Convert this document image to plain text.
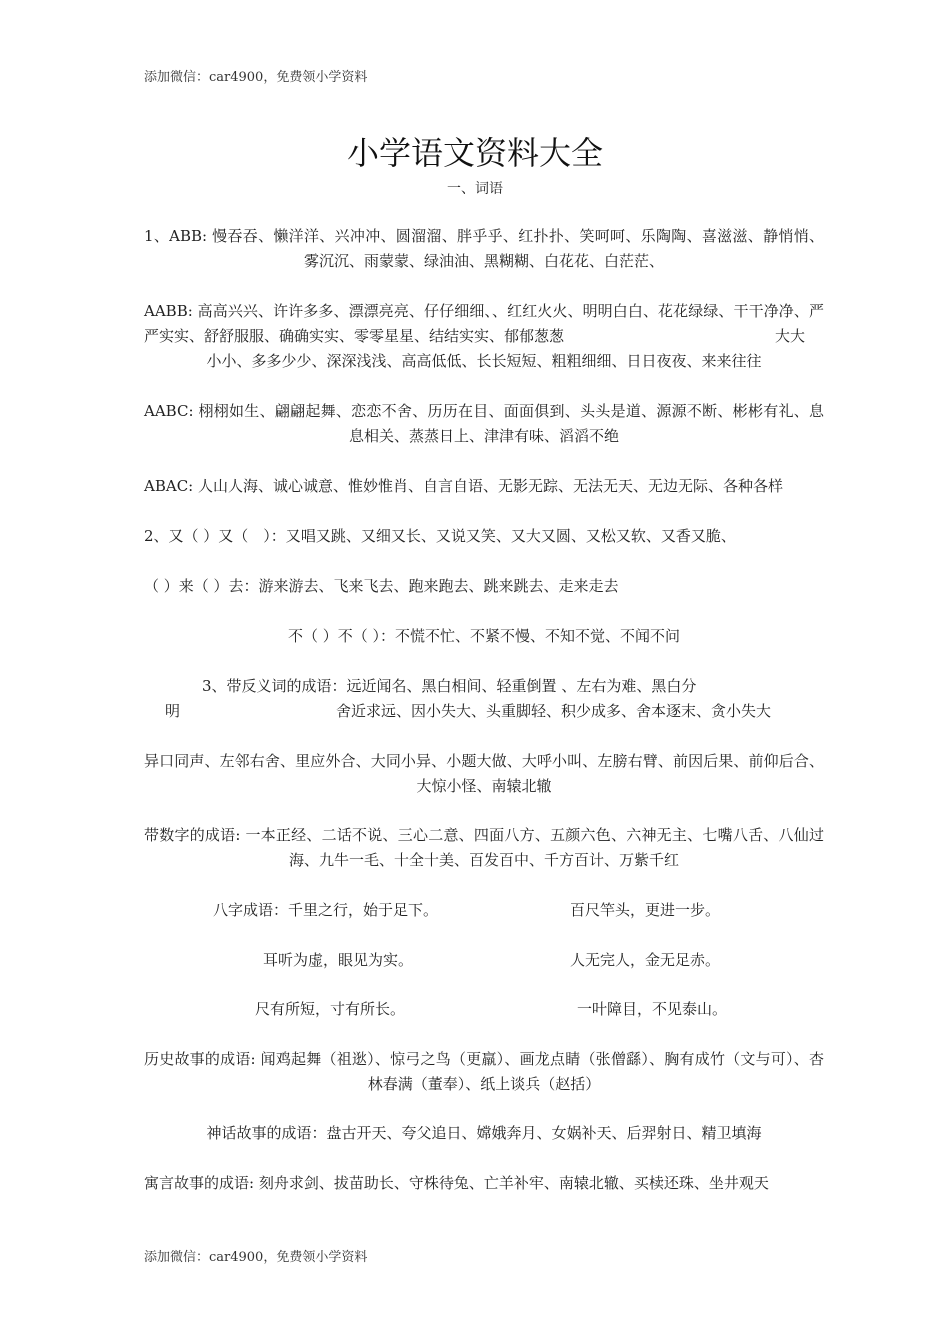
添加微信：car4900，免费领小学资料
小学语文资料大全
一、词语
1、ABB: 慢吞吞、懒洋洋、兴冲冲、圆溜溜、胖乎乎、红扑扑、笑呵呵、乐陶陶、喜滋滋、静悄悄、雾沉沉、雨蒙蒙、绿油油、黑糊糊、白花花、白茫茫、
AABB: 高高兴兴、许许多多、漂漂亮亮、仔仔细细、、红红火火、明明白白、花花绿绿、干干净净、严严实实、舒舒服服、确确实实、零零星星、结结实实、郁郁葱葱	大大
小小、多多少少、深深浅浅、高高低低、长长短短、粗粗细细、日日夜夜、来来往往
AABC: 栩栩如生、翩翩起舞、恋恋不舍、历历在目、面面俱到、头头是道、源源不断、彬彬有礼、息息相关、蒸蒸日上、津津有味、滔滔不绝
ABAC: 人山人海、诚心诚意、惟妙惟肖、自言自语、无影无踪、无法无天、无边无际、各种各样
2、又（ ）又（　）：又唱又跳、又细又长、又说又笑、又大又圆、又松又软、又香又脆、
（ ）来（ ）去：游来游去、飞来飞去、跑来跑去、跳来跳去、走来走去
不（ ）不（ ）：不慌不忙、不紧不慢、不知不觉、不闻不问
3、带反义词的成语：远近闻名、黑白相间、轻重倒置 、左右为难、黑白分
明	舍近求远、因小失大、头重脚轻、积少成多、舍本逐末、贪小失大
异口同声、左邻右舍、里应外合、大同小异、小题大做、大呼小叫、左膀右臂、前因后果、前仰后合、大惊小怪、南辕北辙
带数字的成语: 一本正经、二话不说、三心二意、四面八方、五颜六色、六神无主、七嘴八舌、八仙过海、九牛一毛、十全十美、百发百中、千方百计、万紫千红
八字成语：千里之行，始于足下。	百尺竿头，更进一步。
耳听为虚，眼见为实。	人无完人，金无足赤。
尺有所短，寸有所长。	一叶障目，不见泰山。
历史故事的成语: 闻鸡起舞（祖逖）、惊弓之鸟（更羸）、画龙点睛（张僧繇）、胸有成竹（文与可）、杏林春满（董奉）、纸上谈兵（赵括）
神话故事的成语：盘古开天、夸父追日、嫦娥奔月、女娲补天、后羿射日、精卫填海
寓言故事的成语: 刻舟求剑、拔苗助长、守株待兔、亡羊补牢、南辕北辙、买椟还珠、坐井观天
添加微信：car4900，免费领小学资料
